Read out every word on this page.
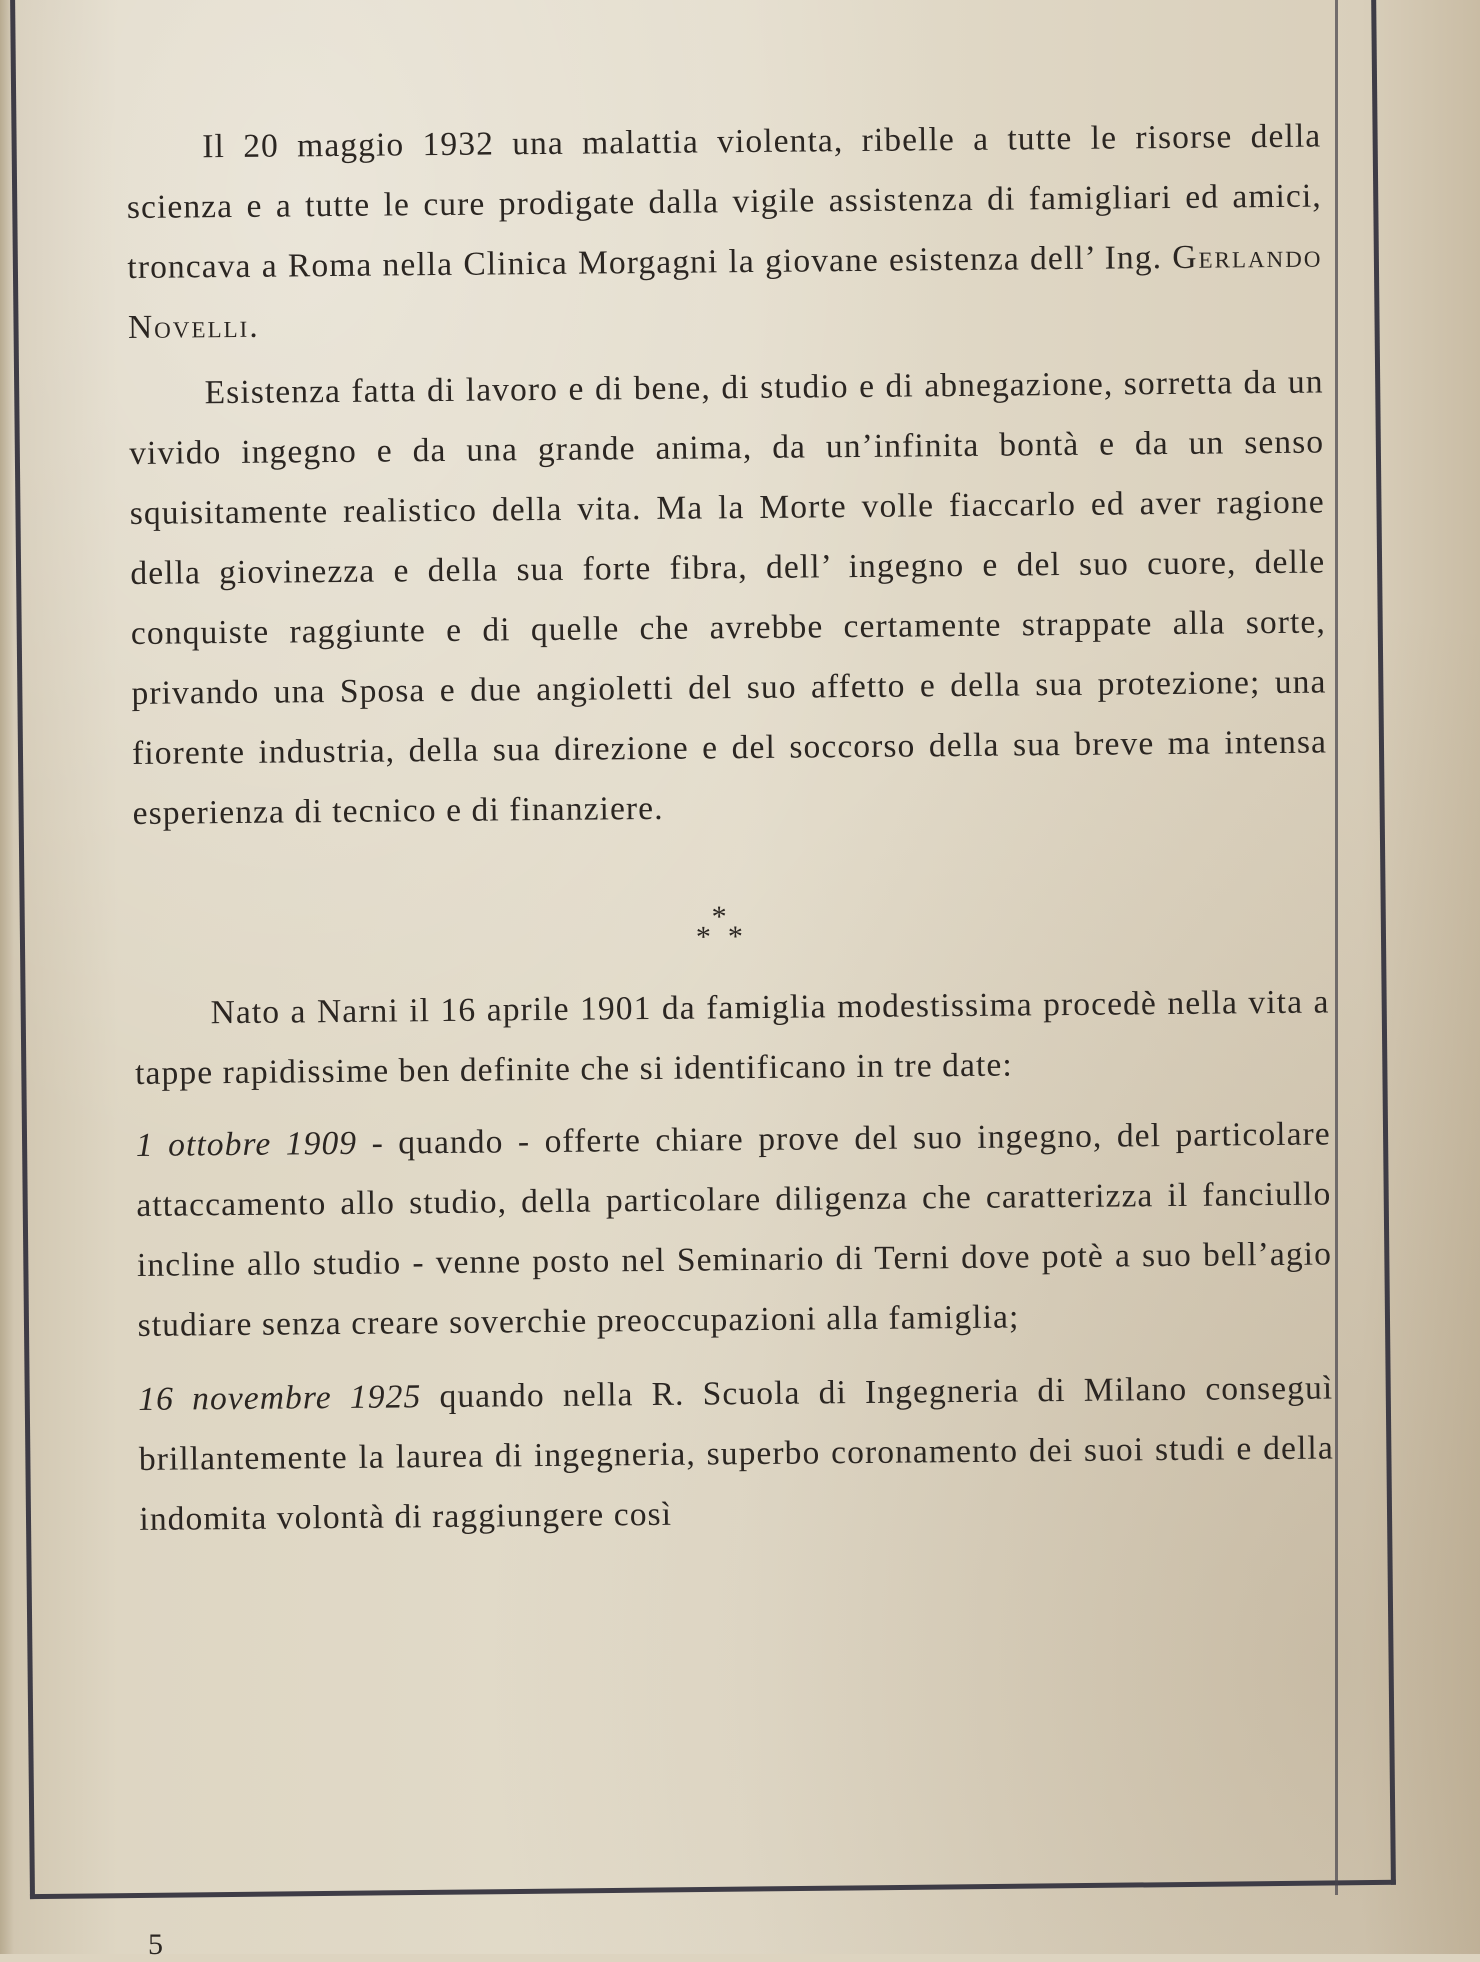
Il 20 maggio 1932 una malattia violenta, ribelle a tutte le risorse della scienza e a tutte le cure prodigate dalla vigile assistenza di famigliari ed amici, troncava a Roma nella Clinica Morgagni la giovane esistenza dell’ Ing. Gerlando Novelli.

Esistenza fatta di lavoro e di bene, di studio e di abnegazione, sorretta da un vivido ingegno e da una grande anima, da un’infinita bontà e da un senso squisitamente realistico della vita. Ma la Morte volle fiaccarlo ed aver ragione della giovinezza e della sua forte fibra, dell’ ingegno e del suo cuore, delle conquiste raggiunte e di quelle che avrebbe certamente strappate alla sorte, privando una Sposa e due angioletti del suo affetto e della sua protezione; una fiorente industria, della sua direzione e del soccorso della sua breve ma intensa esperienza di tecnico e di finanziere.

*
* *

Nato a Narni il 16 aprile 1901 da famiglia modestissima procedè nella vita a tappe rapidissime ben definite che si identificano in tre date:

1 ottobre 1909 - quando - offerte chiare prove del suo ingegno, del particolare attaccamento allo studio, della particolare diligenza che caratterizza il fanciullo incline allo studio - venne posto nel Seminario di Terni dove potè a suo bell’agio studiare senza creare soverchie preoccupazioni alla famiglia;

16 novembre 1925 quando nella R. Scuola di Ingegneria di Milano conseguì brillantemente la laurea di ingegneria, superbo coronamento dei suoi studi e della indomita volontà di raggiungere così

5
